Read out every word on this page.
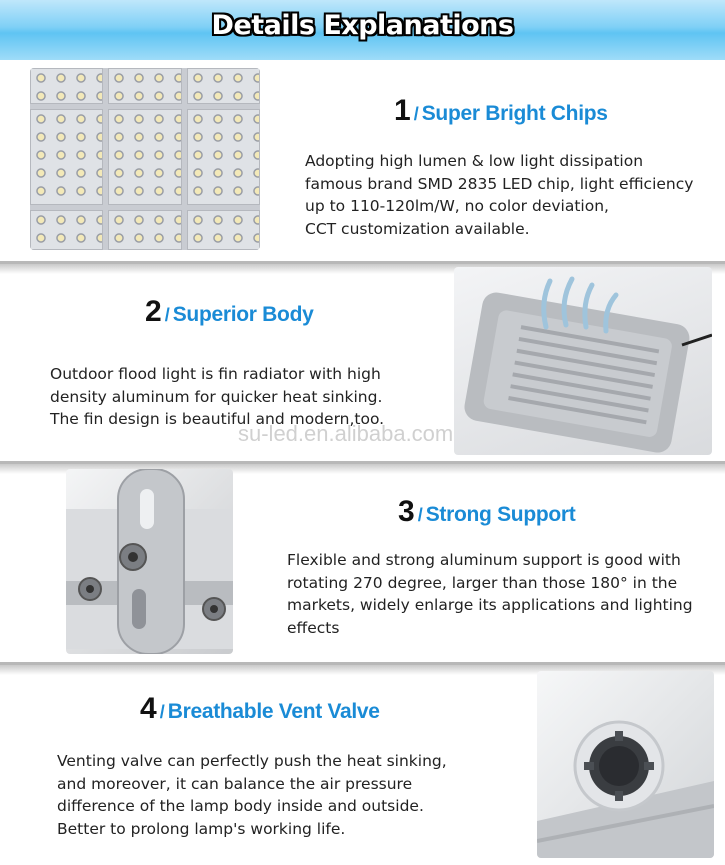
Details Explanations
1 / Super Bright Chips
Adopting high lumen & low light dissipation
famous brand SMD 2835 LED chip, light efficiency
up to 110-120lm/W, no color deviation,
CCT customization available.
2 / Superior Body
Outdoor flood light is fin radiator with high
density aluminum for quicker heat sinking.
The fin design is beautiful and modern,too.
3 / Strong Support
Flexible and strong aluminum support is good with
rotating 270 degree, larger than those 180° in the
markets, widely enlarge its applications and lighting
effects
4 / Breathable Vent Valve
Venting valve can perfectly push the heat sinking,
and moreover, it can balance the air pressure
difference of the lamp body inside and outside.
Better to prolong lamp's working life.
su-led.en.alibaba.com
